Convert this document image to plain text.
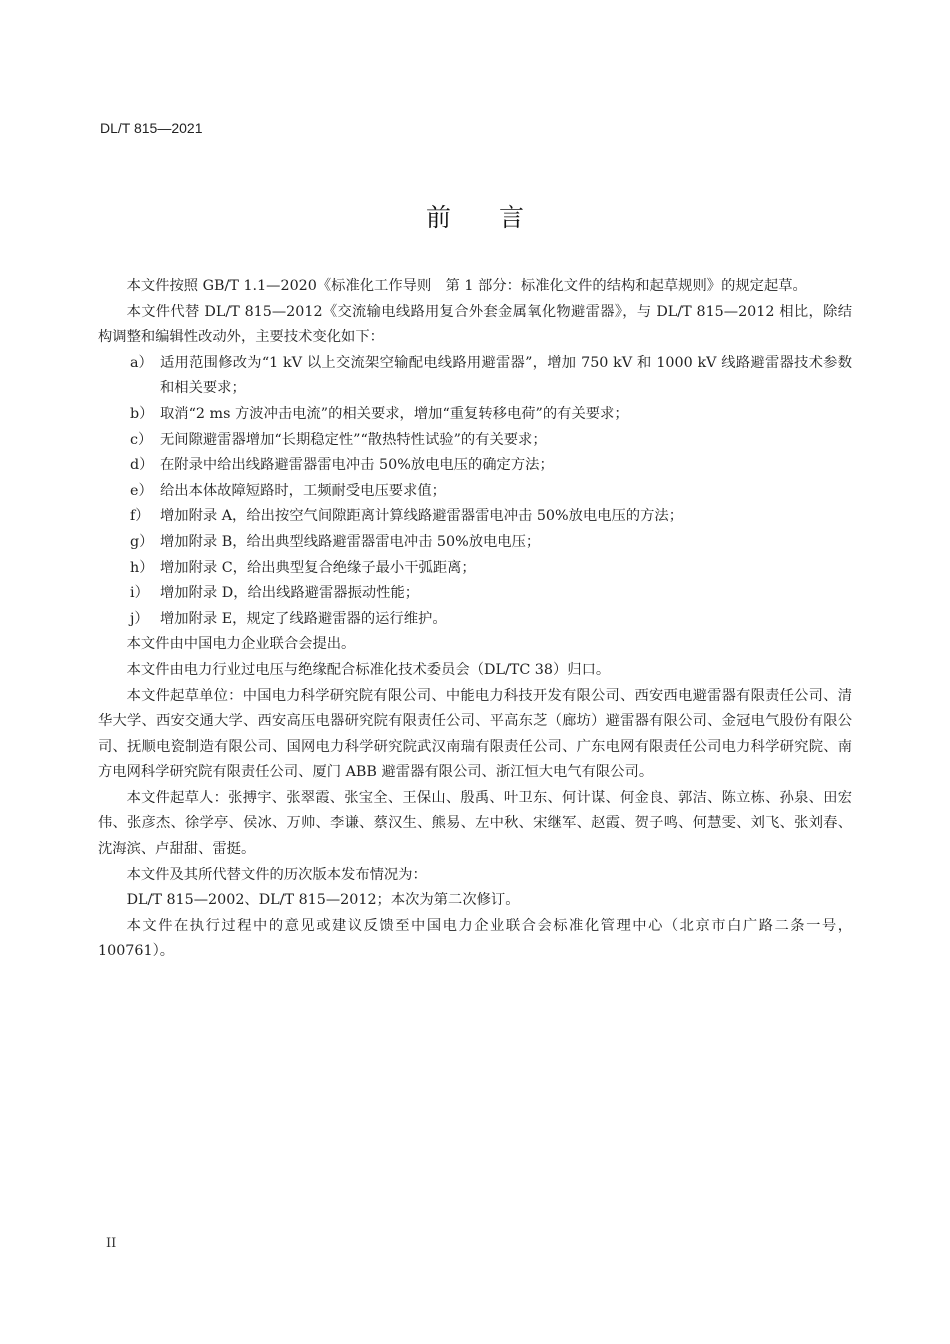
DL/T 815—2021
前言

本文件按照 GB/T 1.1—2020《标准化工作导则　第 1 部分：标准化文件的结构和起草规则》的规定起草。

本文件代替 DL/T 815—2012《交流输电线路用复合外套金属氧化物避雷器》，与 DL/T 815—2012 相比，除结构调整和编辑性改动外，主要技术变化如下：

a） 适用范围修改为“1 kV 以上交流架空输配电线路用避雷器”，增加 750 kV 和 1000 kV 线路避雷器技术参数和相关要求；

b） 取消“2 ms 方波冲击电流”的相关要求，增加“重复转移电荷”的有关要求；

c） 无间隙避雷器增加“长期稳定性”“散热特性试验”的有关要求；

d） 在附录中给出线路避雷器雷电冲击 50%放电电压的确定方法；

e） 给出本体故障短路时，工频耐受电压要求值；

f） 增加附录 A，给出按空气间隙距离计算线路避雷器雷电冲击 50%放电电压的方法；

g） 增加附录 B，给出典型线路避雷器雷电冲击 50%放电电压；

h） 增加附录 C，给出典型复合绝缘子最小干弧距离；

i） 增加附录 D，给出线路避雷器振动性能；

j） 增加附录 E，规定了线路避雷器的运行维护。

本文件由中国电力企业联合会提出。

本文件由电力行业过电压与绝缘配合标准化技术委员会（DL/TC 38）归口。

本文件起草单位：中国电力科学研究院有限公司、中能电力科技开发有限公司、西安西电避雷器有限责任公司、清华大学、西安交通大学、西安高压电器研究院有限责任公司、平高东芝（廊坊）避雷器有限公司、金冠电气股份有限公司、抚顺电瓷制造有限公司、国网电力科学研究院武汉南瑞有限责任公司、广东电网有限责任公司电力科学研究院、南方电网科学研究院有限责任公司、厦门 ABB 避雷器有限公司、浙江恒大电气有限公司。

本文件起草人：张搏宇、张翠霞、张宝全、王保山、殷禹、叶卫东、何计谋、何金良、郭洁、陈立栋、孙泉、田宏伟、张彦杰、徐学亭、侯冰、万帅、李谦、蔡汉生、熊易、左中秋、宋继军、赵霞、贺子鸣、何慧雯、刘飞、张刘春、沈海滨、卢甜甜、雷挺。

本文件及其所代替文件的历次版本发布情况为：

DL/T 815—2002、DL/T 815—2012；本次为第二次修订。

本文件在执行过程中的意见或建议反馈至中国电力企业联合会标准化管理中心（北京市白广路二条一号，100761）。

II
